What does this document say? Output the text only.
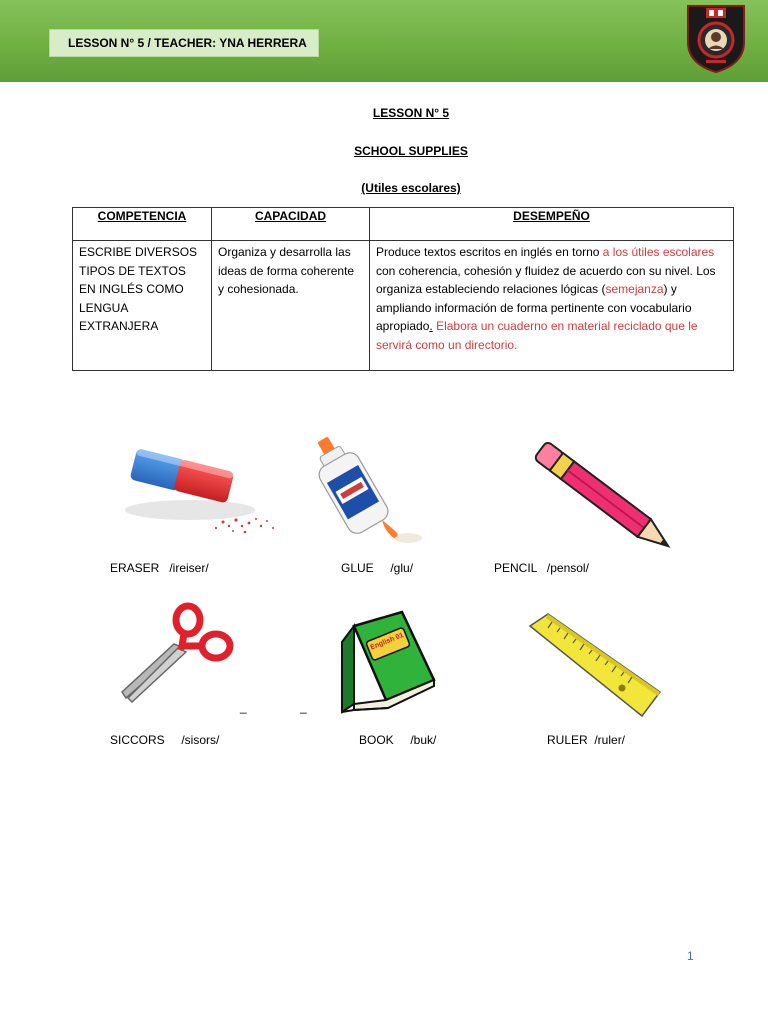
LESSON N° 5 / TEACHER: YNA HERRERA
LESSON N° 5
SCHOOL SUPPLIES
(Utiles escolares)
COMPETENCIA	CAPACIDAD	DESEMPEÑO
ESCRIBE DIVERSOS TIPOS DE TEXTOS EN INGLÉS COMO LENGUA EXTRANJERA	Organiza y desarrolla las ideas de forma coherente y cohesionada.	Produce textos escritos en inglés en torno a los útiles escolares con coherencia, cohesión y fluidez de acuerdo con su nivel. Los organiza estableciendo relaciones lógicas (semejanza) y ampliando información de forma pertinente con vocabulario apropiado. Elabora un cuaderno en material reciclado que le servirá como un directorio.
English 01
ERASER   /ireiser/	GLUE     /glu/	PENCIL   /pensol/
_	_
SICCORS     /sisors/	BOOK     /buk/	RULER  /ruler/
1
